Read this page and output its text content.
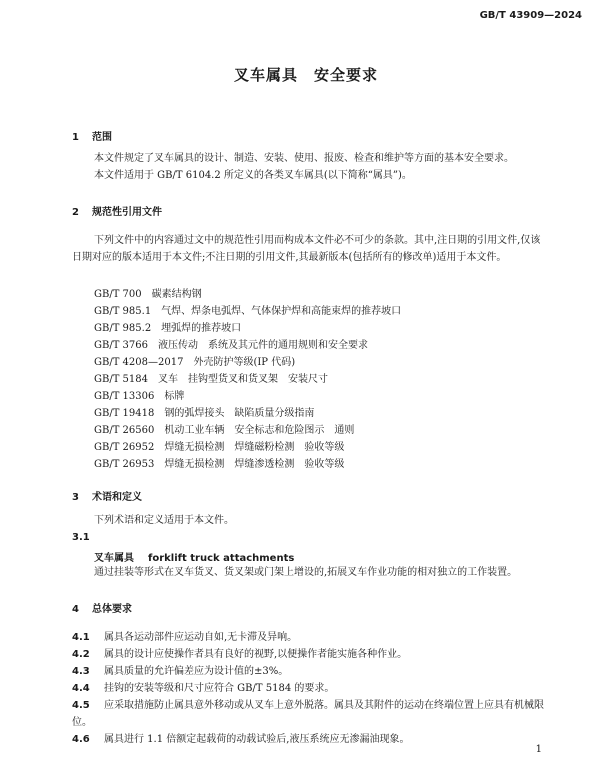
GB/T 43909—2024
叉车属具　安全要求
1 范围
本文件规定了叉车属具的设计、制造、安装、使用、报废、检查和维护等方面的基本安全要求。
本文件适用于 GB/T 6104.2 所定义的各类叉车属具(以下简称“属具”)。
2 规范性引用文件
下列文件中的内容通过文中的规范性引用而构成本文件必不可少的条款。其中,注日期的引用文件,仅该日期对应的版本适用于本文件;不注日期的引用文件,其最新版本(包括所有的修改单)适用于本文件。
GB/T 700　碳素结构钢
GB/T 985.1　气焊、焊条电弧焊、气体保护焊和高能束焊的推荐坡口
GB/T 985.2　埋弧焊的推荐坡口
GB/T 3766　液压传动　系统及其元件的通用规则和安全要求
GB/T 4208—2017　外壳防护等级(IP 代码)
GB/T 5184　叉车　挂钩型货叉和货叉架　安装尺寸
GB/T 13306　标牌
GB/T 19418　钢的弧焊接头　缺陷质量分级指南
GB/T 26560　机动工业车辆　安全标志和危险图示　通则
GB/T 26952　焊缝无损检测　焊缝磁粉检测　验收等级
GB/T 26953　焊缝无损检测　焊缝渗透检测　验收等级
3 术语和定义
下列术语和定义适用于本文件。
3.1
叉车属具 forklift truck attachments
通过挂装等形式在叉车货叉、货叉架或门架上增设的,拓展叉车作业功能的相对独立的工作装置。
4 总体要求
4.1　 属具各运动部件应运动自如,无卡滞及异响。
4.2　 属具的设计应使操作者具有良好的视野,以便操作者能实施各种作业。
4.3　 属具质量的允许偏差应为设计值的±3%。
4.4　 挂钩的安装等级和尺寸应符合 GB/T 5184 的要求。
4.5　 应采取措施防止属具意外移动或从叉车上意外脱落。属具及其附件的运动在终端位置上应具有机械限位。
4.6　 属具进行 1.1 倍额定起载荷的动载试验后,液压系统应无渗漏油现象。
1
